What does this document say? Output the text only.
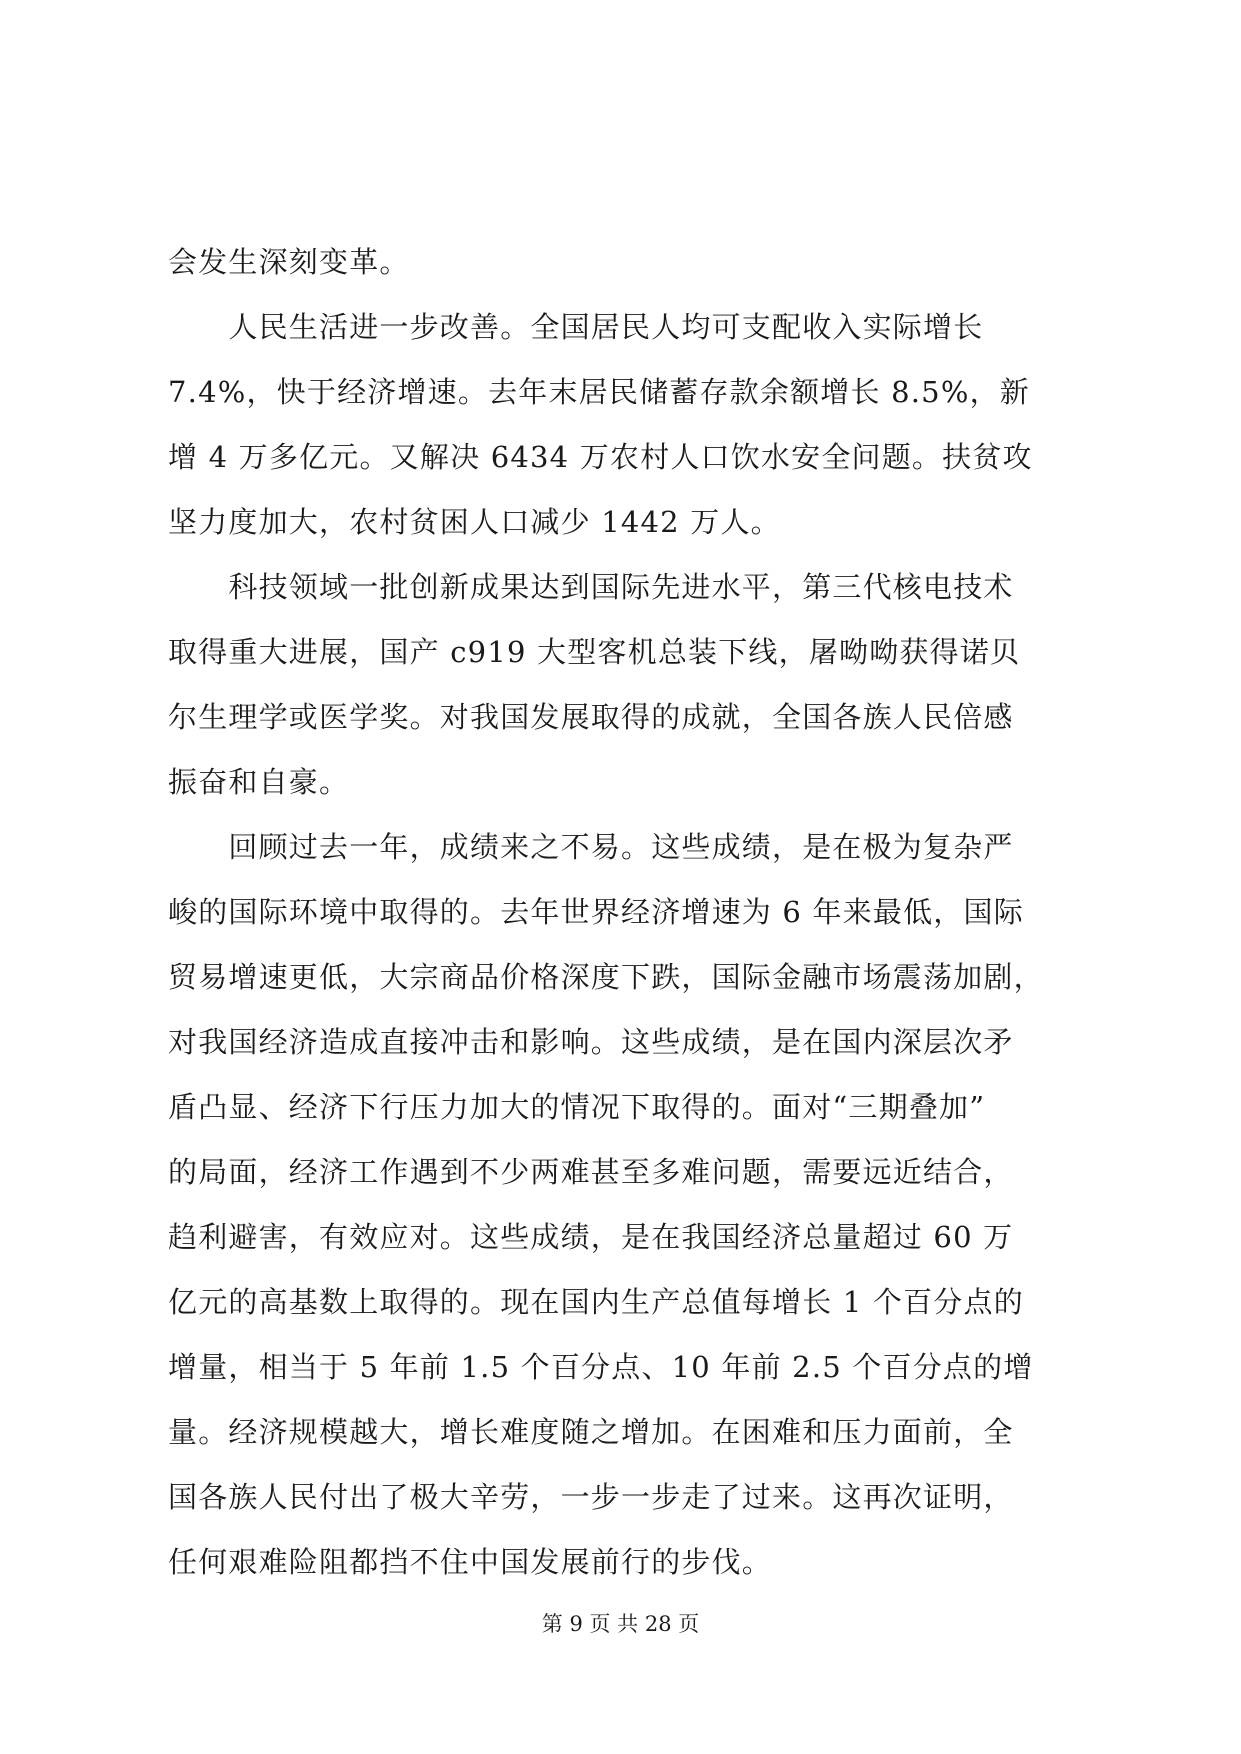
会发生深刻变革。
　　人民生活进一步改善。全国居民人均可支配收入实际增长
7.4%，快于经济增速。去年末居民储蓄存款余额增长 8.5%，新
增 4 万多亿元。又解决 6434 万农村人口饮水安全问题。扶贫攻
坚力度加大，农村贫困人口减少 1442 万人。
　　科技领域一批创新成果达到国际先进水平，第三代核电技术
取得重大进展，国产 c919 大型客机总装下线，屠呦呦获得诺贝
尔生理学或医学奖。对我国发展取得的成就，全国各族人民倍感
振奋和自豪。
　　回顾过去一年，成绩来之不易。这些成绩，是在极为复杂严
峻的国际环境中取得的。去年世界经济增速为 6 年来最低，国际
贸易增速更低，大宗商品价格深度下跌，国际金融市场震荡加剧，
对我国经济造成直接冲击和影响。这些成绩，是在国内深层次矛
盾凸显、经济下行压力加大的情况下取得的。面对“三期叠加”
的局面，经济工作遇到不少两难甚至多难问题，需要远近结合，
趋利避害，有效应对。这些成绩，是在我国经济总量超过 60 万
亿元的高基数上取得的。现在国内生产总值每增长 1 个百分点的
增量，相当于 5 年前 1.5 个百分点、10 年前 2.5 个百分点的增
量。经济规模越大，增长难度随之增加。在困难和压力面前，全
国各族人民付出了极大辛劳，一步一步走了过来。这再次证明，
任何艰难险阻都挡不住中国发展前行的步伐。
第 9 页 共 28 页
